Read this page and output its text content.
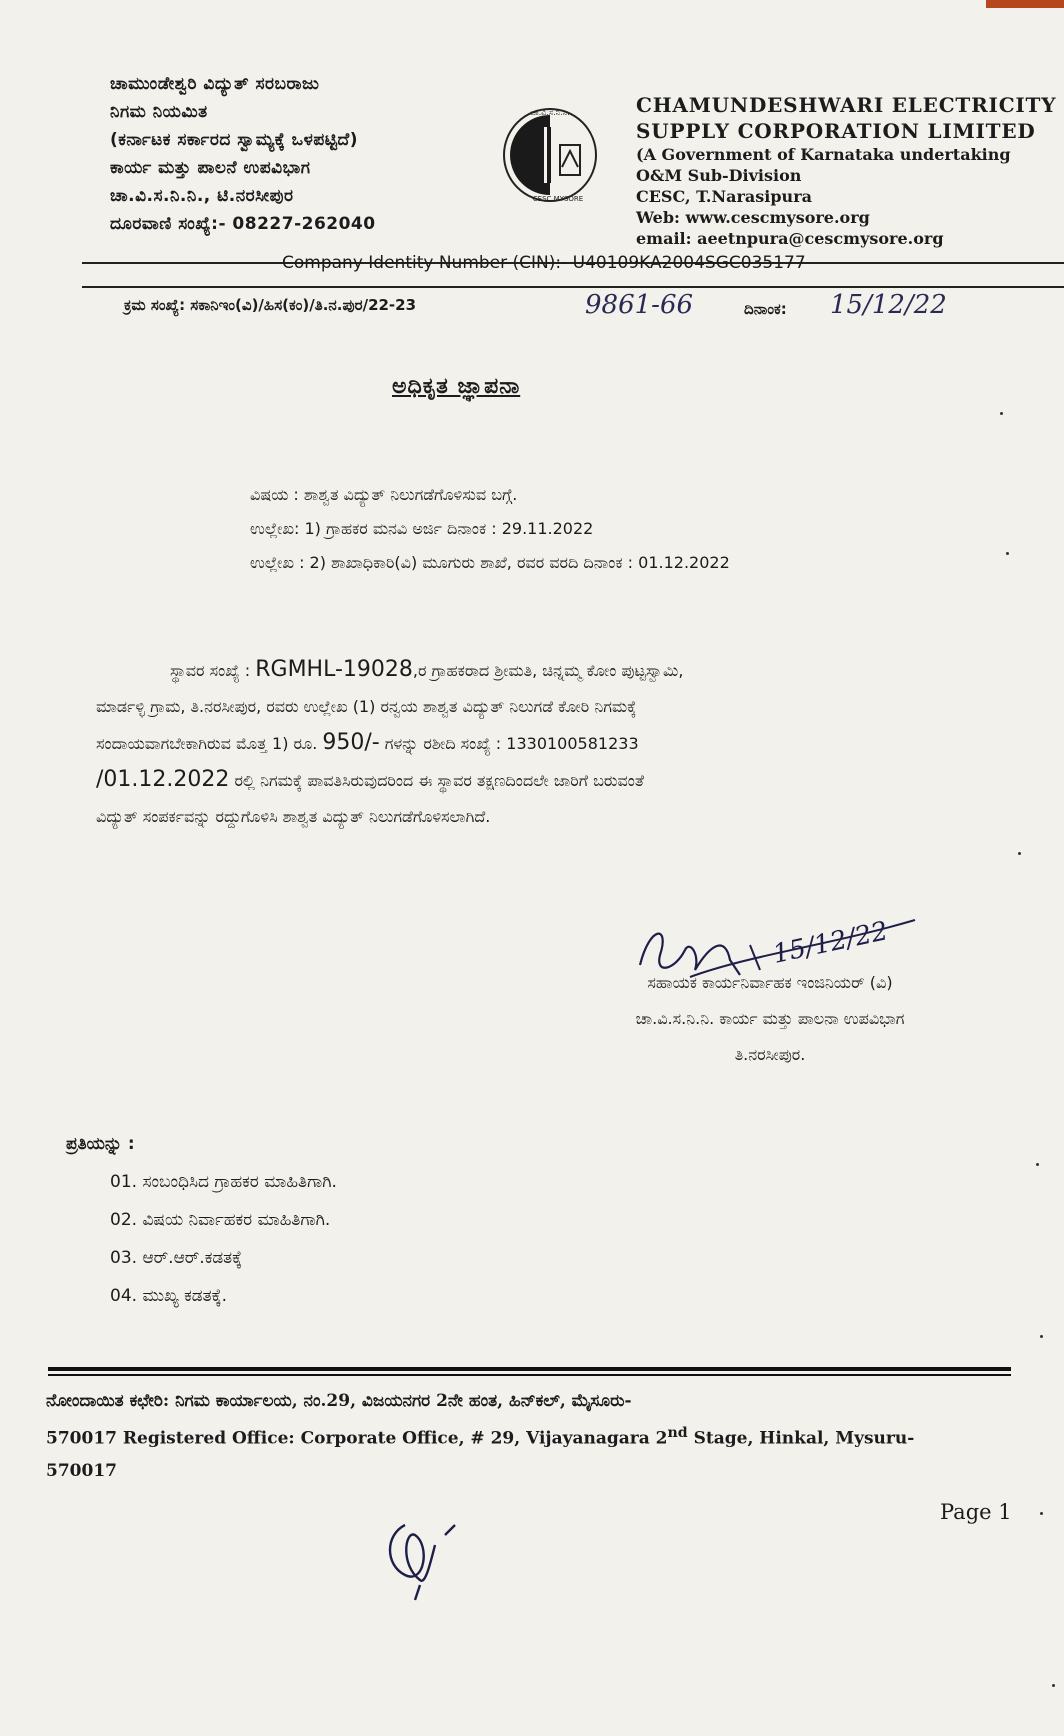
ಚಾಮುಂಡೇಶ್ವರಿ ವಿದ್ಯುತ್ ಸರಬರಾಜು
ನಿಗಮ ನಿಯಮಿತ
(ಕರ್ನಾಟಕ ಸರ್ಕಾರದ ಸ್ವಾಮ್ಯಕ್ಕೆ ಒಳಪಟ್ಟಿದೆ)
ಕಾರ್ಯ ಮತ್ತು ಪಾಲನೆ ಉಪವಿಭಾಗ
ಚಾ.ವಿ.ಸ.ನಿ.ನಿ., ಟಿ.ನರಸೀಪುರ
ದೂರವಾಣಿ ಸಂಖ್ಯೆ:- 08227-262040
ಚಾ.ವಿ.ಸ.ನಿ.ನಿ.
CESC MYSORE
CHAMUNDESHWARI ELECTRICITY
SUPPLY CORPORATION LIMITED
(A Government of Karnataka undertaking
O&M Sub-Division
CESC, T.Narasipura
Web: www.cescmysore.org
email: aeetnpura@cescmysore.org
Company Identity Number (CIN):- U40109KA2004SGC035177
ಕ್ರಮ ಸಂಖ್ಯೆ: ಸಕಾನಿಇಂ(ವಿ)/ಹಿಸ(ಕಂ)/ತಿ.ನ.ಪುರ/22-23	9861-66	ದಿನಾಂಕ: 15/12/22
ಅಧಿಕೃತ ಜ್ಞಾಪನಾ
ವಿಷಯ : ಶಾಶ್ವತ ವಿದ್ಯುತ್ ನಿಲುಗಡೆಗೊಳಿಸುವ ಬಗ್ಗೆ.
ಉಲ್ಲೇಖ: 1) ಗ್ರಾಹಕರ ಮನವಿ ಅರ್ಜಿ ದಿನಾಂಕ : 29.11.2022
ಉಲ್ಲೇಖ : 2) ಶಾಖಾಧಿಕಾರಿ(ವಿ) ಮೂಗುರು ಶಾಖೆ, ರವರ ವರದಿ ದಿನಾಂಕ : 01.12.2022
ಸ್ಥಾವರ ಸಂಖ್ಯೆ : RGMHL-19028,ರ ಗ್ರಾಹಕರಾದ ಶ್ರೀಮತಿ, ಚಿನ್ನಮ್ಮ ಕೋಂ ಪುಟ್ಟಸ್ವಾಮಿ,
ಮಾರ್ಡಳ್ಳಿ ಗ್ರಾಮ, ತಿ.ನರಸೀಪುರ, ರವರು ಉಲ್ಲೇಖ (1) ರನ್ವಯ ಶಾಶ್ವತ ವಿದ್ಯುತ್ ನಿಲುಗಡೆ ಕೋರಿ ನಿಗಮಕ್ಕೆ
ಸಂದಾಯವಾಗಬೇಕಾಗಿರುವ ಮೊತ್ತ 1) ರೂ. 950/- ಗಳನ್ನು ರಶೀದಿ ಸಂಖ್ಯೆ : 1330100581233
/01.12.2022 ರಲ್ಲಿ ನಿಗಮಕ್ಕೆ ಪಾವತಿಸಿರುವುದರಿಂದ ಈ ಸ್ಥಾವರ ತಕ್ಷಣದಿಂದಲೇ ಜಾರಿಗೆ ಬರುವಂತೆ
ವಿದ್ಯುತ್ ಸಂಪರ್ಕವನ್ನು ರದ್ದುಗೊಳಿಸಿ ಶಾಶ್ವತ ವಿದ್ಯುತ್ ನಿಲುಗಡೆಗೊಳಿಸಲಾಗಿದೆ.
15/12/22
ಸಹಾಯಕ ಕಾರ್ಯನಿರ್ವಾಹಕ ಇಂಜಿನಿಯರ್ (ವಿ)
ಚಾ.ವಿ.ಸ.ನಿ.ನಿ. ಕಾರ್ಯ ಮತ್ತು ಪಾಲನಾ ಉಪವಿಭಾಗ
ತಿ.ನರಸೀಪುರ.
ಪ್ರತಿಯನ್ನು :
01. ಸಂಬಂಧಿಸಿದ ಗ್ರಾಹಕರ ಮಾಹಿತಿಗಾಗಿ.
02. ವಿಷಯ ನಿರ್ವಾಹಕರ ಮಾಹಿತಿಗಾಗಿ.
03. ಆರ್.ಆರ್.ಕಡತಕ್ಕೆ
04. ಮುಖ್ಯ ಕಡತಕ್ಕೆ.
ನೋಂದಾಯಿತ ಕಛೇರಿ: ನಿಗಮ ಕಾರ್ಯಾಲಯ, ನಂ.29, ವಿಜಯನಗರ 2ನೇ ಹಂತ, ಹಿನ್‌ಕಲ್, ಮೈಸೂರು-
570017 Registered Office: Corporate Office, # 29, Vijayanagara 2nd Stage, Hinkal, Mysuru-
570017
Page 1
